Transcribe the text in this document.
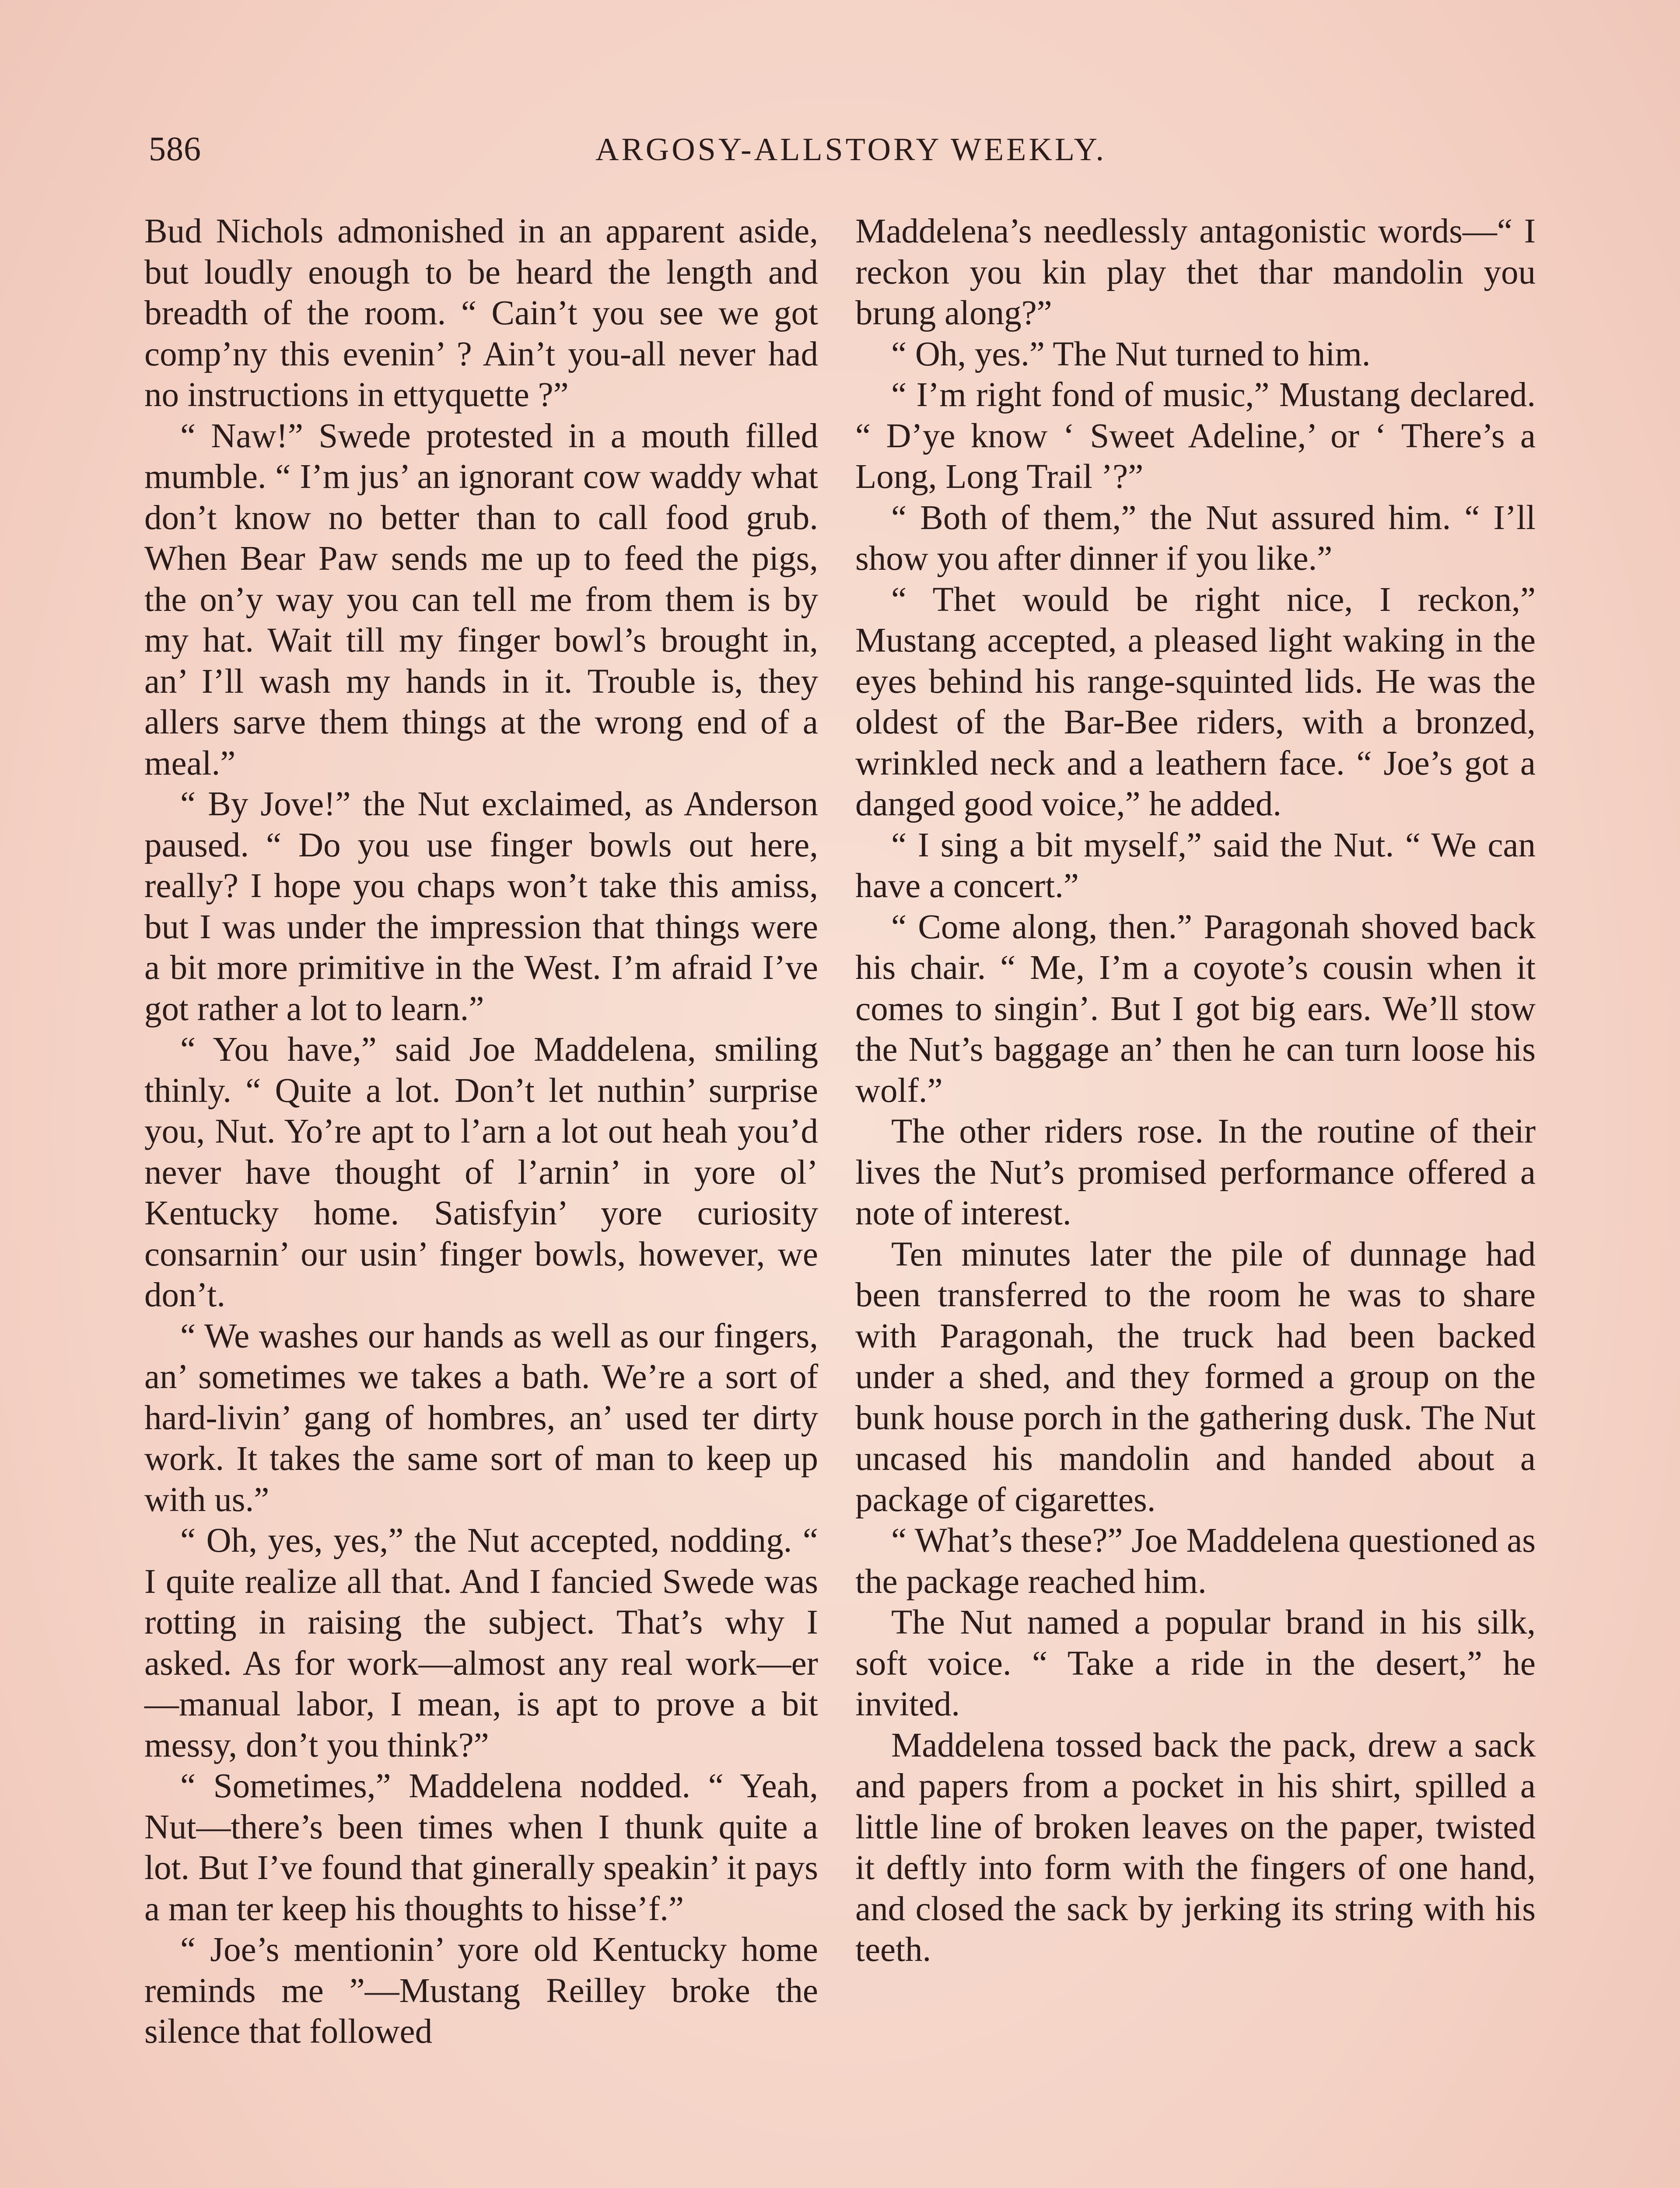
586	ARGOSY-ALLSTORY WEEKLY.

Bud Nichols admonished in an apparent aside, but loudly enough to be heard the length and breadth of the room. “ Cain’t you see we got comp’ny this evenin’ ? Ain’t you-all never had no instructions in ettyquette ?”

“ Naw!” Swede protested in a mouth filled mumble. “ I’m jus’ an ignorant cow waddy what don’t know no better than to call food grub. When Bear Paw sends me up to feed the pigs, the on’y way you can tell me from them is by my hat. Wait till my finger bowl’s brought in, an’ I’ll wash my hands in it. Trouble is, they allers sarve them things at the wrong end of a meal.”

“ By Jove!” the Nut exclaimed, as Anderson paused. “ Do you use finger bowls out here, really? I hope you chaps won’t take this amiss, but I was under the impression that things were a bit more primitive in the West. I’m afraid I’ve got rather a lot to learn.”

“ You have,” said Joe Maddelena, smiling thinly. “ Quite a lot. Don’t let nuthin’ surprise you, Nut. Yo’re apt to l’arn a lot out heah you’d never have thought of l’arnin’ in yore ol’ Kentucky home. Satisfyin’ yore curiosity consarnin’ our usin’ finger bowls, however, we don’t.

“ We washes our hands as well as our fingers, an’ sometimes we takes a bath. We’re a sort of hard-livin’ gang of hombres, an’ used ter dirty work. It takes the same sort of man to keep up with us.”

“ Oh, yes, yes,” the Nut accepted, nodding. “ I quite realize all that. And I fancied Swede was rotting in raising the subject. That’s why I asked. As for work—almost any real work—er —manual labor, I mean, is apt to prove a bit messy, don’t you think?”

“ Sometimes,” Maddelena nodded. “ Yeah, Nut—there’s been times when I thunk quite a lot. But I’ve found that ginerally speakin’ it pays a man ter keep his thoughts to hisse’f.”

“ Joe’s mentionin’ yore old Kentucky home reminds me ”—Mustang Reilley broke the silence that followed

Maddelena’s needlessly antagonistic words—“ I reckon you kin play thet thar mandolin you brung along?”

“ Oh, yes.” The Nut turned to him.

“ I’m right fond of music,” Mustang declared. “ D’ye know ‘ Sweet Adeline,’ or ‘ There’s a Long, Long Trail ’?”

“ Both of them,” the Nut assured him. “ I’ll show you after dinner if you like.”

“ Thet would be right nice, I reckon,” Mustang accepted, a pleased light waking in the eyes behind his range-squinted lids. He was the oldest of the Bar-Bee riders, with a bronzed, wrinkled neck and a leathern face. “ Joe’s got a danged good voice,” he added.

“ I sing a bit myself,” said the Nut. “ We can have a concert.”

“ Come along, then.” Paragonah shoved back his chair. “ Me, I’m a coyote’s cousin when it comes to singin’. But I got big ears. We’ll stow the Nut’s baggage an’ then he can turn loose his wolf.”

The other riders rose. In the routine of their lives the Nut’s promised performance offered a note of interest.

Ten minutes later the pile of dunnage had been transferred to the room he was to share with Paragonah, the truck had been backed under a shed, and they formed a group on the bunk house porch in the gathering dusk. The Nut uncased his mandolin and handed about a package of cigarettes.

“ What’s these?” Joe Maddelena questioned as the package reached him.

The Nut named a popular brand in his silk, soft voice. “ Take a ride in the desert,” he invited.

Maddelena tossed back the pack, drew a sack and papers from a pocket in his shirt, spilled a little line of broken leaves on the paper, twisted it deftly into form with the fingers of one hand, and closed the sack by jerking its string with his teeth.
